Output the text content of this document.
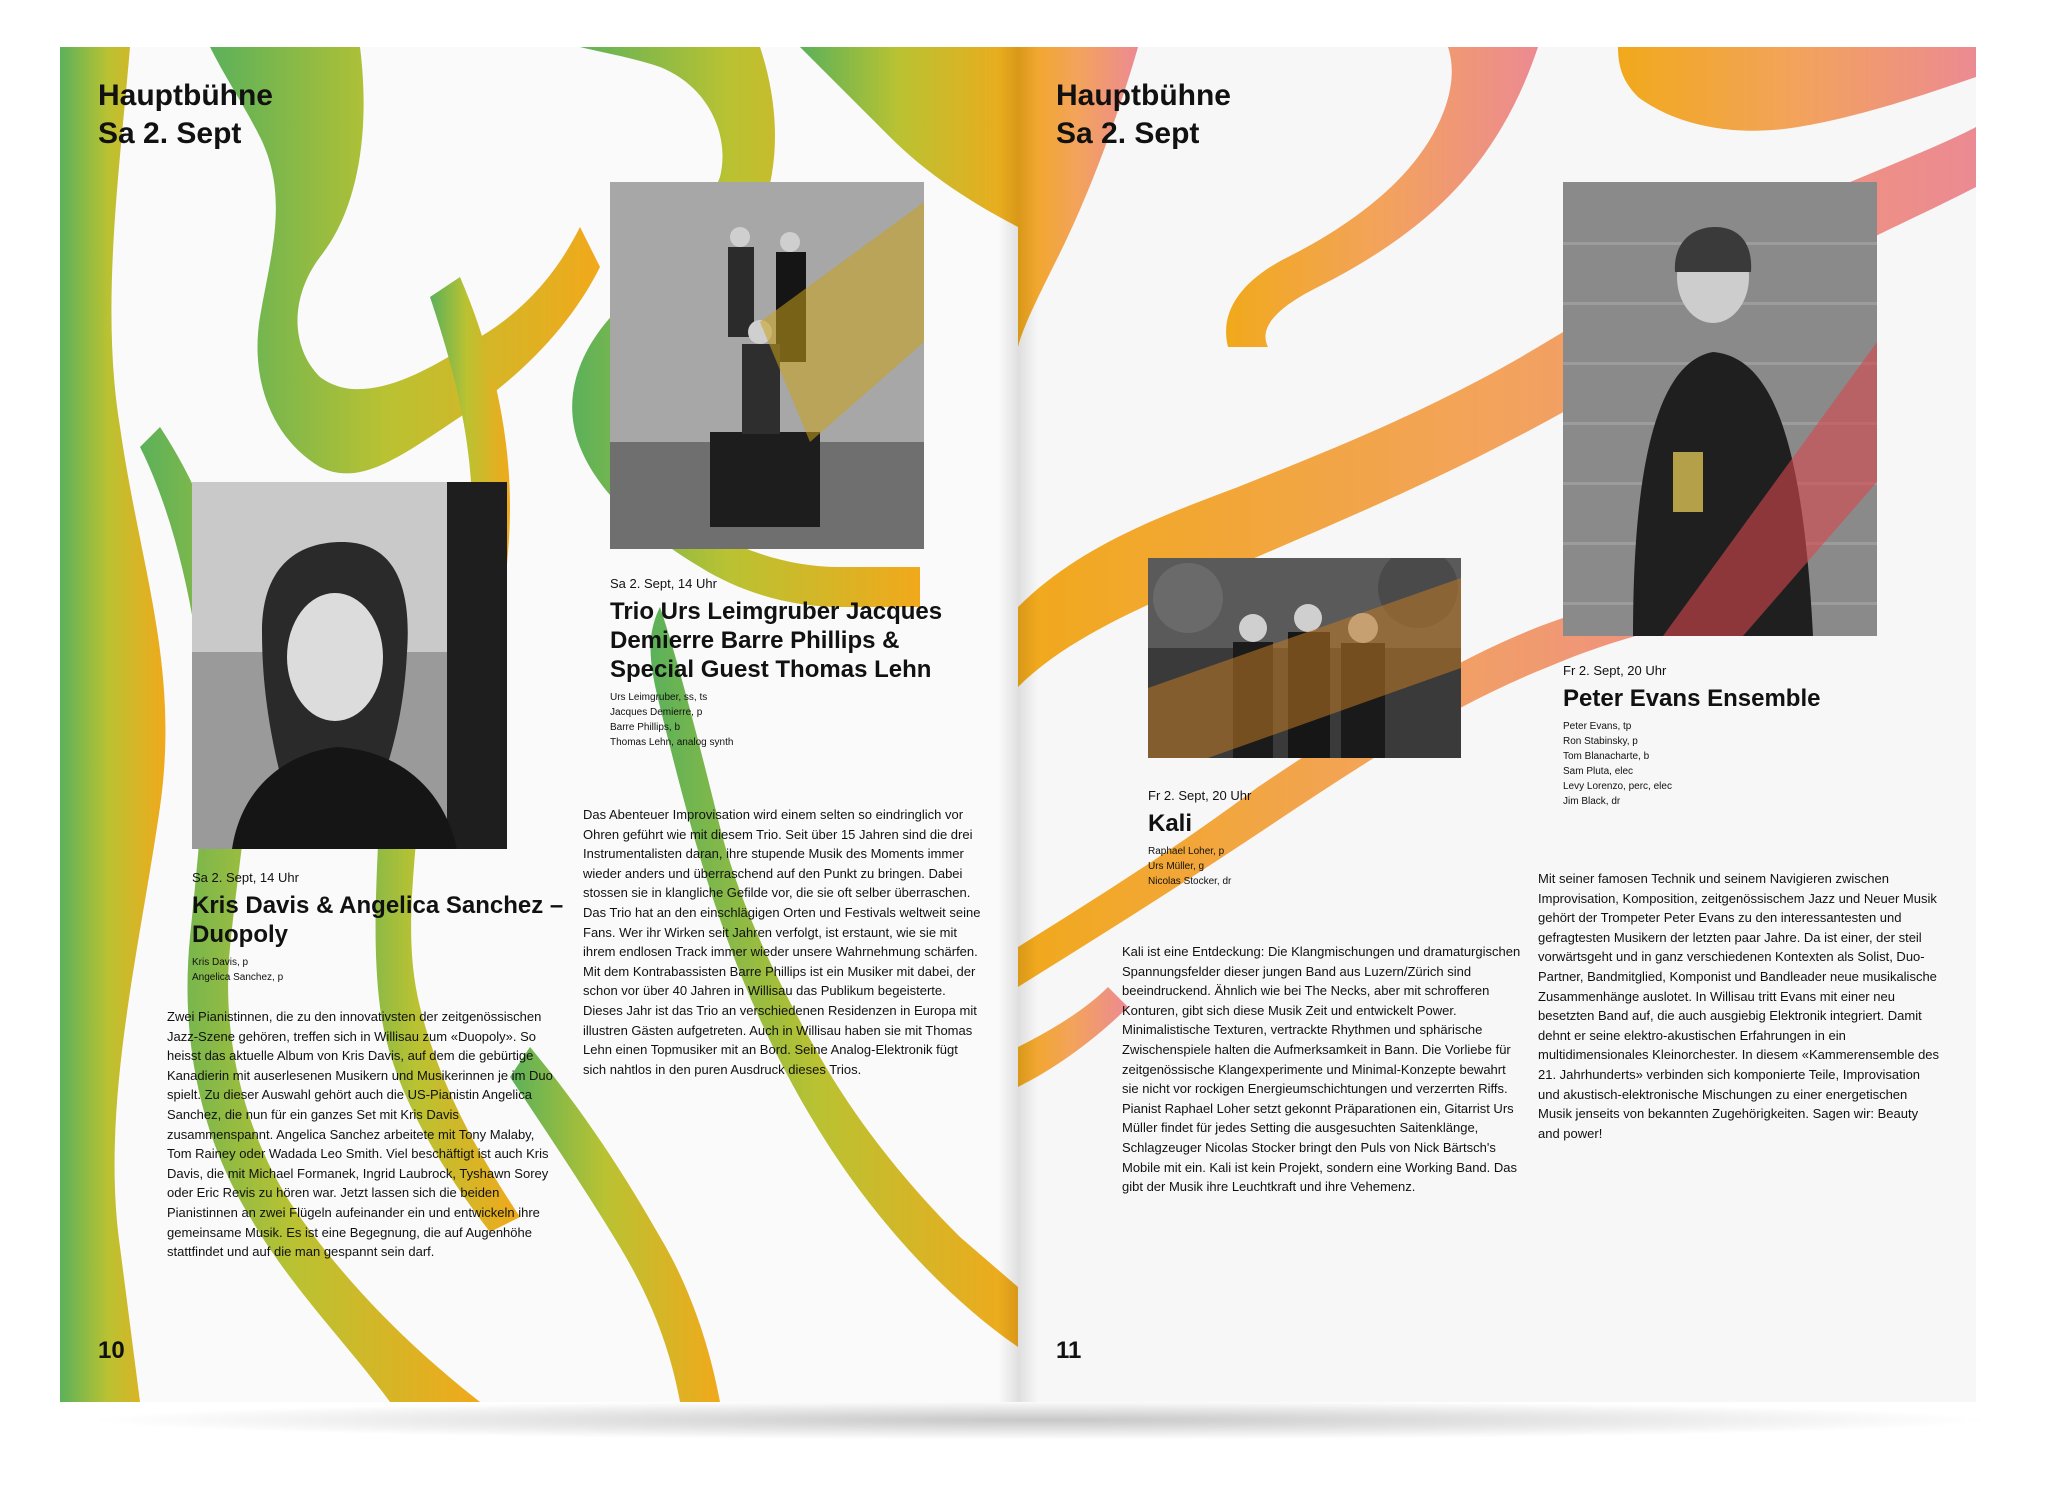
Hauptbühne
Sa 2. Sept
Sa 2. Sept, 14 Uhr
Kris Davis & Angelica Sanchez – Duopoly
Kris Davis, p
Angelica Sanchez, p
Zwei Pianistinnen, die zu den innovativsten der zeitgenössischen Jazz-Szene gehören, treffen sich in Willisau zum «Duopoly». So heisst das aktuelle Album von Kris Davis, auf dem die gebürtige Kanadierin mit auserlesenen Musikern und Musikerinnen je im Duo spielt. Zu dieser Auswahl gehört auch die US-Pianistin Angelica Sanchez, die nun für ein ganzes Set mit Kris Davis zusammenspannt. Angelica Sanchez arbeitete mit Tony Malaby, Tom Rainey oder Wadada Leo Smith. Viel beschäftigt ist auch Kris Davis, die mit Michael Formanek, Ingrid Laubrock, Tyshawn Sorey oder Eric Revis zu hören war. Jetzt lassen sich die beiden Pianistinnen an zwei Flügeln aufeinander ein und entwickeln ihre gemeinsame Musik. Es ist eine Begegnung, die auf Augenhöhe stattfindet und auf die man gespannt sein darf.
Sa 2. Sept, 14 Uhr
Trio Urs Leimgruber Jacques Demierre Barre Phillips & Special Guest Thomas Lehn
Urs Leimgruber, ss, ts
Jacques Demierre, p
Barre Phillips, b
Thomas Lehn, analog synth
Das Abenteuer Improvisation wird einem selten so eindringlich vor Ohren geführt wie mit diesem Trio. Seit über 15 Jahren sind die drei Instrumentalisten daran, ihre stupende Musik des Moments immer wieder anders und überraschend auf den Punkt zu bringen. Dabei stossen sie in klangliche Gefilde vor, die sie oft selber überraschen. Das Trio hat an den einschlägigen Orten und Festivals weltweit seine Fans. Wer ihr Wirken seit Jahren verfolgt, ist erstaunt, wie sie mit ihrem endlosen Track immer wieder unsere Wahrnehmung schärfen. Mit dem Kontrabassisten Barre Phillips ist ein Musiker mit dabei, der schon vor über 40 Jahren in Willisau das Publikum begeisterte. Dieses Jahr ist das Trio an verschiedenen Residenzen in Europa mit illustren Gästen aufgetreten. Auch in Willisau haben sie mit Thomas Lehn einen Topmusiker mit an Bord. Seine Analog-Elektronik fügt sich nahtlos in den puren Ausdruck dieses Trios.
10
Hauptbühne
Sa 2. Sept
Fr 2. Sept, 20 Uhr
Kali
Raphael Loher, p
Urs Müller, g
Nicolas Stocker, dr
Kali ist eine Entdeckung: Die Klangmischungen und dramaturgischen Spannungsfelder dieser jungen Band aus Luzern/Zürich sind beeindruckend. Ähnlich wie bei The Necks, aber mit schrofferen Konturen, gibt sich diese Musik Zeit und entwickelt Power. Minimalistische Texturen, vertrackte Rhythmen und sphärische Zwischenspiele halten die Aufmerksamkeit in Bann. Die Vorliebe für zeitgenössische Klangexperimente und Minimal-Konzepte bewahrt sie nicht vor rockigen Energieumschichtungen und verzerrten Riffs. Pianist Raphael Loher setzt gekonnt Präparationen ein, Gitarrist Urs Müller findet für jedes Setting die ausgesuchten Saitenklänge, Schlagzeuger Nicolas Stocker bringt den Puls von Nick Bärtsch's Mobile mit ein. Kali ist kein Projekt, sondern eine Working Band. Das gibt der Musik ihre Leuchtkraft und ihre Vehemenz.
Fr 2. Sept, 20 Uhr
Peter Evans Ensemble
Peter Evans, tp
Ron Stabinsky, p
Tom Blanacharte, b
Sam Pluta, elec
Levy Lorenzo, perc, elec
Jim Black, dr
Mit seiner famosen Technik und seinem Navigieren zwischen Improvisation, Komposition, zeitgenössischem Jazz und Neuer Musik gehört der Trompeter Peter Evans zu den interessantesten und gefragtesten Musikern der letzten paar Jahre. Da ist einer, der steil vorwärtsgeht und in ganz verschiedenen Kontexten als Solist, Duo-Partner, Bandmitglied, Komponist und Bandleader neue musikalische Zusammenhänge auslotet. In Willisau tritt Evans mit einer neu besetzten Band auf, die auch ausgiebig Elektronik integriert. Damit dehnt er seine elektro-akustischen Erfahrungen in ein multidimensionales Kleinorchester. In diesem «Kammerensemble des 21. Jahrhunderts» verbinden sich komponierte Teile, Improvisation und akustisch-elektronische Mischungen zu einer energetischen Musik jenseits von bekannten Zugehörigkeiten. Sagen wir: Beauty and power!
11
